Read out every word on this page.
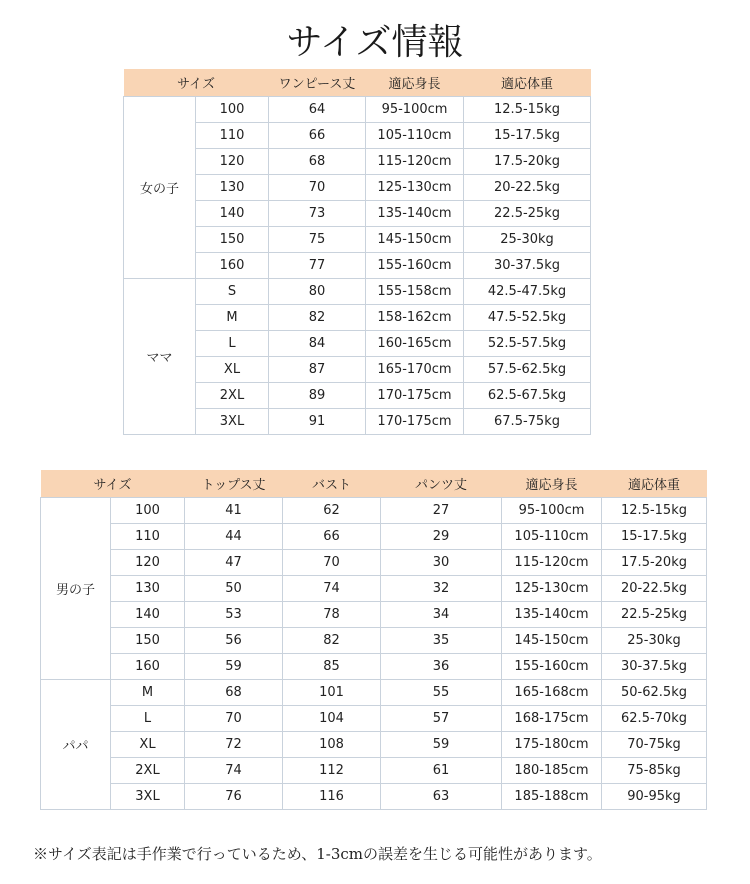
サイズ情報
サイズ		ワンピース丈	適応身長	適応体重
女の子	100	64	95-100cm	12.5-15kg
	110	66	105-110cm	15-17.5kg
	120	68	115-120cm	17.5-20kg
	130	70	125-130cm	20-22.5kg
	140	73	135-140cm	22.5-25kg
	150	75	145-150cm	25-30kg
	160	77	155-160cm	30-37.5kg
ママ	S	80	155-158cm	42.5-47.5kg
	M	82	158-162cm	47.5-52.5kg
	L	84	160-165cm	52.5-57.5kg
	XL	87	165-170cm	57.5-62.5kg
	2XL	89	170-175cm	62.5-67.5kg
	3XL	91	170-175cm	67.5-75kg
サイズ		トップス丈	バスト	パンツ丈	適応身長	適応体重
男の子	100	41	62	27	95-100cm	12.5-15kg
	110	44	66	29	105-110cm	15-17.5kg
	120	47	70	30	115-120cm	17.5-20kg
	130	50	74	32	125-130cm	20-22.5kg
	140	53	78	34	135-140cm	22.5-25kg
	150	56	82	35	145-150cm	25-30kg
	160	59	85	36	155-160cm	30-37.5kg
パパ	M	68	101	55	165-168cm	50-62.5kg
	L	70	104	57	168-175cm	62.5-70kg
	XL	72	108	59	175-180cm	70-75kg
	2XL	74	112	61	180-185cm	75-85kg
	3XL	76	116	63	185-188cm	90-95kg
※サイズ表記は手作業で行っているため、1-3cmの誤差を生じる可能性があります。
